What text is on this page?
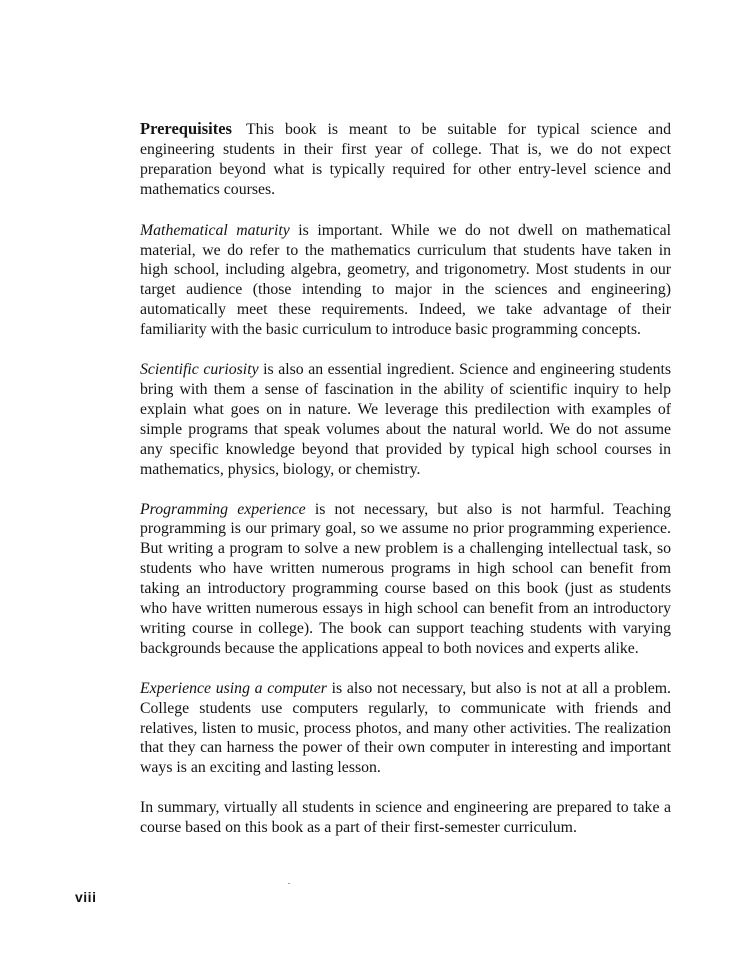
Prerequisites This book is meant to be suitable for typical science and engineering students in their first year of college. That is, we do not expect preparation beyond what is typically required for other entry-level science and mathematics courses.

Mathematical maturity is important. While we do not dwell on mathematical material, we do refer to the mathematics curriculum that students have taken in high school, including algebra, geometry, and trigonometry. Most students in our target audience (those intending to major in the sciences and engineering) automatically meet these requirements. Indeed, we take advantage of their familiarity with the basic curriculum to introduce basic programming concepts.

Scientific curiosity is also an essential ingredient. Science and engineering students bring with them a sense of fascination in the ability of scientific inquiry to help explain what goes on in nature. We leverage this predilection with examples of simple programs that speak volumes about the natural world. We do not assume any specific knowledge beyond that provided by typical high school courses in mathematics, physics, biology, or chemistry.

Programming experience is not necessary, but also is not harmful. Teaching programming is our primary goal, so we assume no prior programming experience. But writing a program to solve a new problem is a challenging intellectual task, so students who have written numerous programs in high school can benefit from taking an introductory programming course based on this book (just as students who have written numerous essays in high school can benefit from an introductory writing course in college). The book can support teaching students with varying backgrounds because the applications appeal to both novices and experts alike.

Experience using a computer is also not necessary, but also is not at all a problem. College students use computers regularly, to communicate with friends and relatives, listen to music, process photos, and many other activities. The realization that they can harness the power of their own computer in interesting and important ways is an exciting and lasting lesson.

In summary, virtually all students in science and engineering are prepared to take a course based on this book as a part of their first-semester curriculum.

viii
